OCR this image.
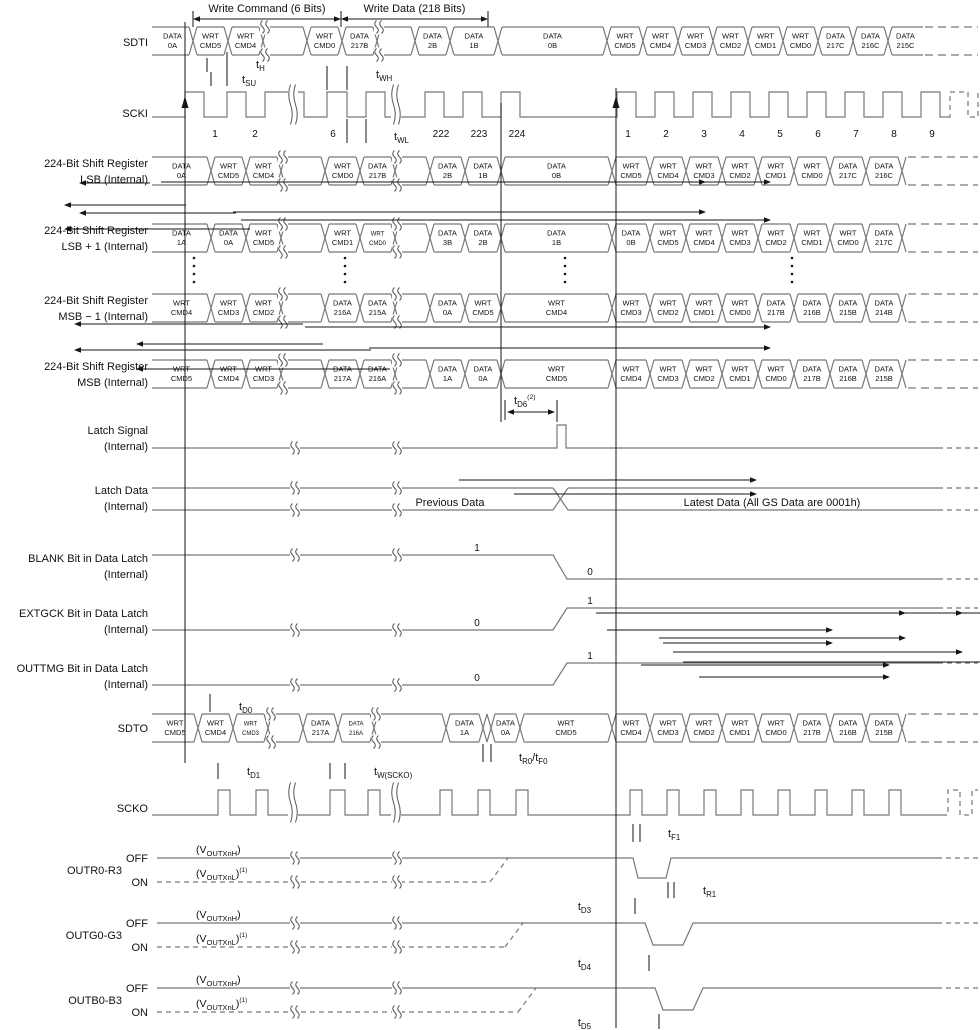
DATA
0A
WRT
CMD5
WRT
CMD4
WRT
CMD0
DATA
217B
DATA
2B
DATA
1B
DATA
0B
WRT
CMD5
WRT
CMD4
WRT
CMD3
WRT
CMD2
WRT
CMD1
WRT
CMD0
DATA
217C
DATA
216C
DATA
215C
DATA
0A
WRT
CMD5
WRT
CMD4
WRT
CMD0
DATA
217B
DATA
2B
DATA
1B
DATA
0B
WRT
CMD5
WRT
CMD4
WRT
CMD3
WRT
CMD2
WRT
CMD1
WRT
CMD0
DATA
217C
DATA
216C
DATA
1A
DATA
0A
WRT
CMD5
WRT
CMD1
WRT
CMD0
DATA
3B
DATA
2B
DATA
1B
DATA
0B
WRT
CMD5
WRT
CMD4
WRT
CMD3
WRT
CMD2
WRT
CMD1
WRT
CMD0
DATA
217C
WRT
CMD4
WRT
CMD3
WRT
CMD2
DATA
216A
DATA
215A
DATA
0A
WRT
CMD5
WRT
CMD4
WRT
CMD3
WRT
CMD2
WRT
CMD1
WRT
CMD0
DATA
217B
DATA
216B
DATA
215B
DATA
214B
WRT
CMD5
WRT
CMD4
WRT
CMD3
DATA
217A
DATA
216A
DATA
1A
DATA
0A
WRT
CMD5
WRT
CMD4
WRT
CMD3
WRT
CMD2
WRT
CMD1
WRT
CMD0
DATA
217B
DATA
216B
DATA
215B
WRT
CMD5
WRT
CMD4
WRT
CMD3
DATA
217A
DATA
216A
DATA
1A
DATA
0A
WRT
CMD5
WRT
CMD4
WRT
CMD3
WRT
CMD2
WRT
CMD1
WRT
CMD0
DATA
217B
DATA
216B
DATA
215B
1	2	6	222 223 224	1	2	3	4	5	6	7	8	9
1
0
0
1
0
1
Write Command (6 Bits)	Write Data (218 Bits)
$t_H$
$t_{SU}$
$t_{WH}$
$t_{WL}$
$t_{D6}^{(2)}$
$t_{D0}$
$t_{D1}$	$t_{W(SCKO)}$
$t_{R0}/t_{F0}$
$t_{F1}$
$t_{R1}$
$t_{D3}$
$t_{D4}$
$t_{D5}$
Previous Data	Latest Data (All GS Data are 0001h)
$(V_{OUTXnH})$
$(V_{OUTXnL})^{(1)}$
$(V_{OUTXnH})$
$(V_{OUTXnL})^{(1)}$
$(V_{OUTXnH})$
$(V_{OUTXnL})^{(1)}$
SDTI
SCKI
224-Bit Shift Register
LSB (Internal)
224-Bit Shift Register
LSB + 1 (Internal)
224-Bit Shift Register
MSB − 1 (Internal)
224-Bit Shift Register
MSB (Internal)
Latch Signal
(Internal)
Latch Data
(Internal)
BLANK Bit in Data Latch
(Internal)
EXTGCK Bit in Data Latch
(Internal)
OUTTMG Bit in Data Latch
(Internal)
SDTO
SCKO
OUTR0-R3
OFF
ON
OUTG0-G3
OFF
ON
OUTB0-B3
OFF
ON
